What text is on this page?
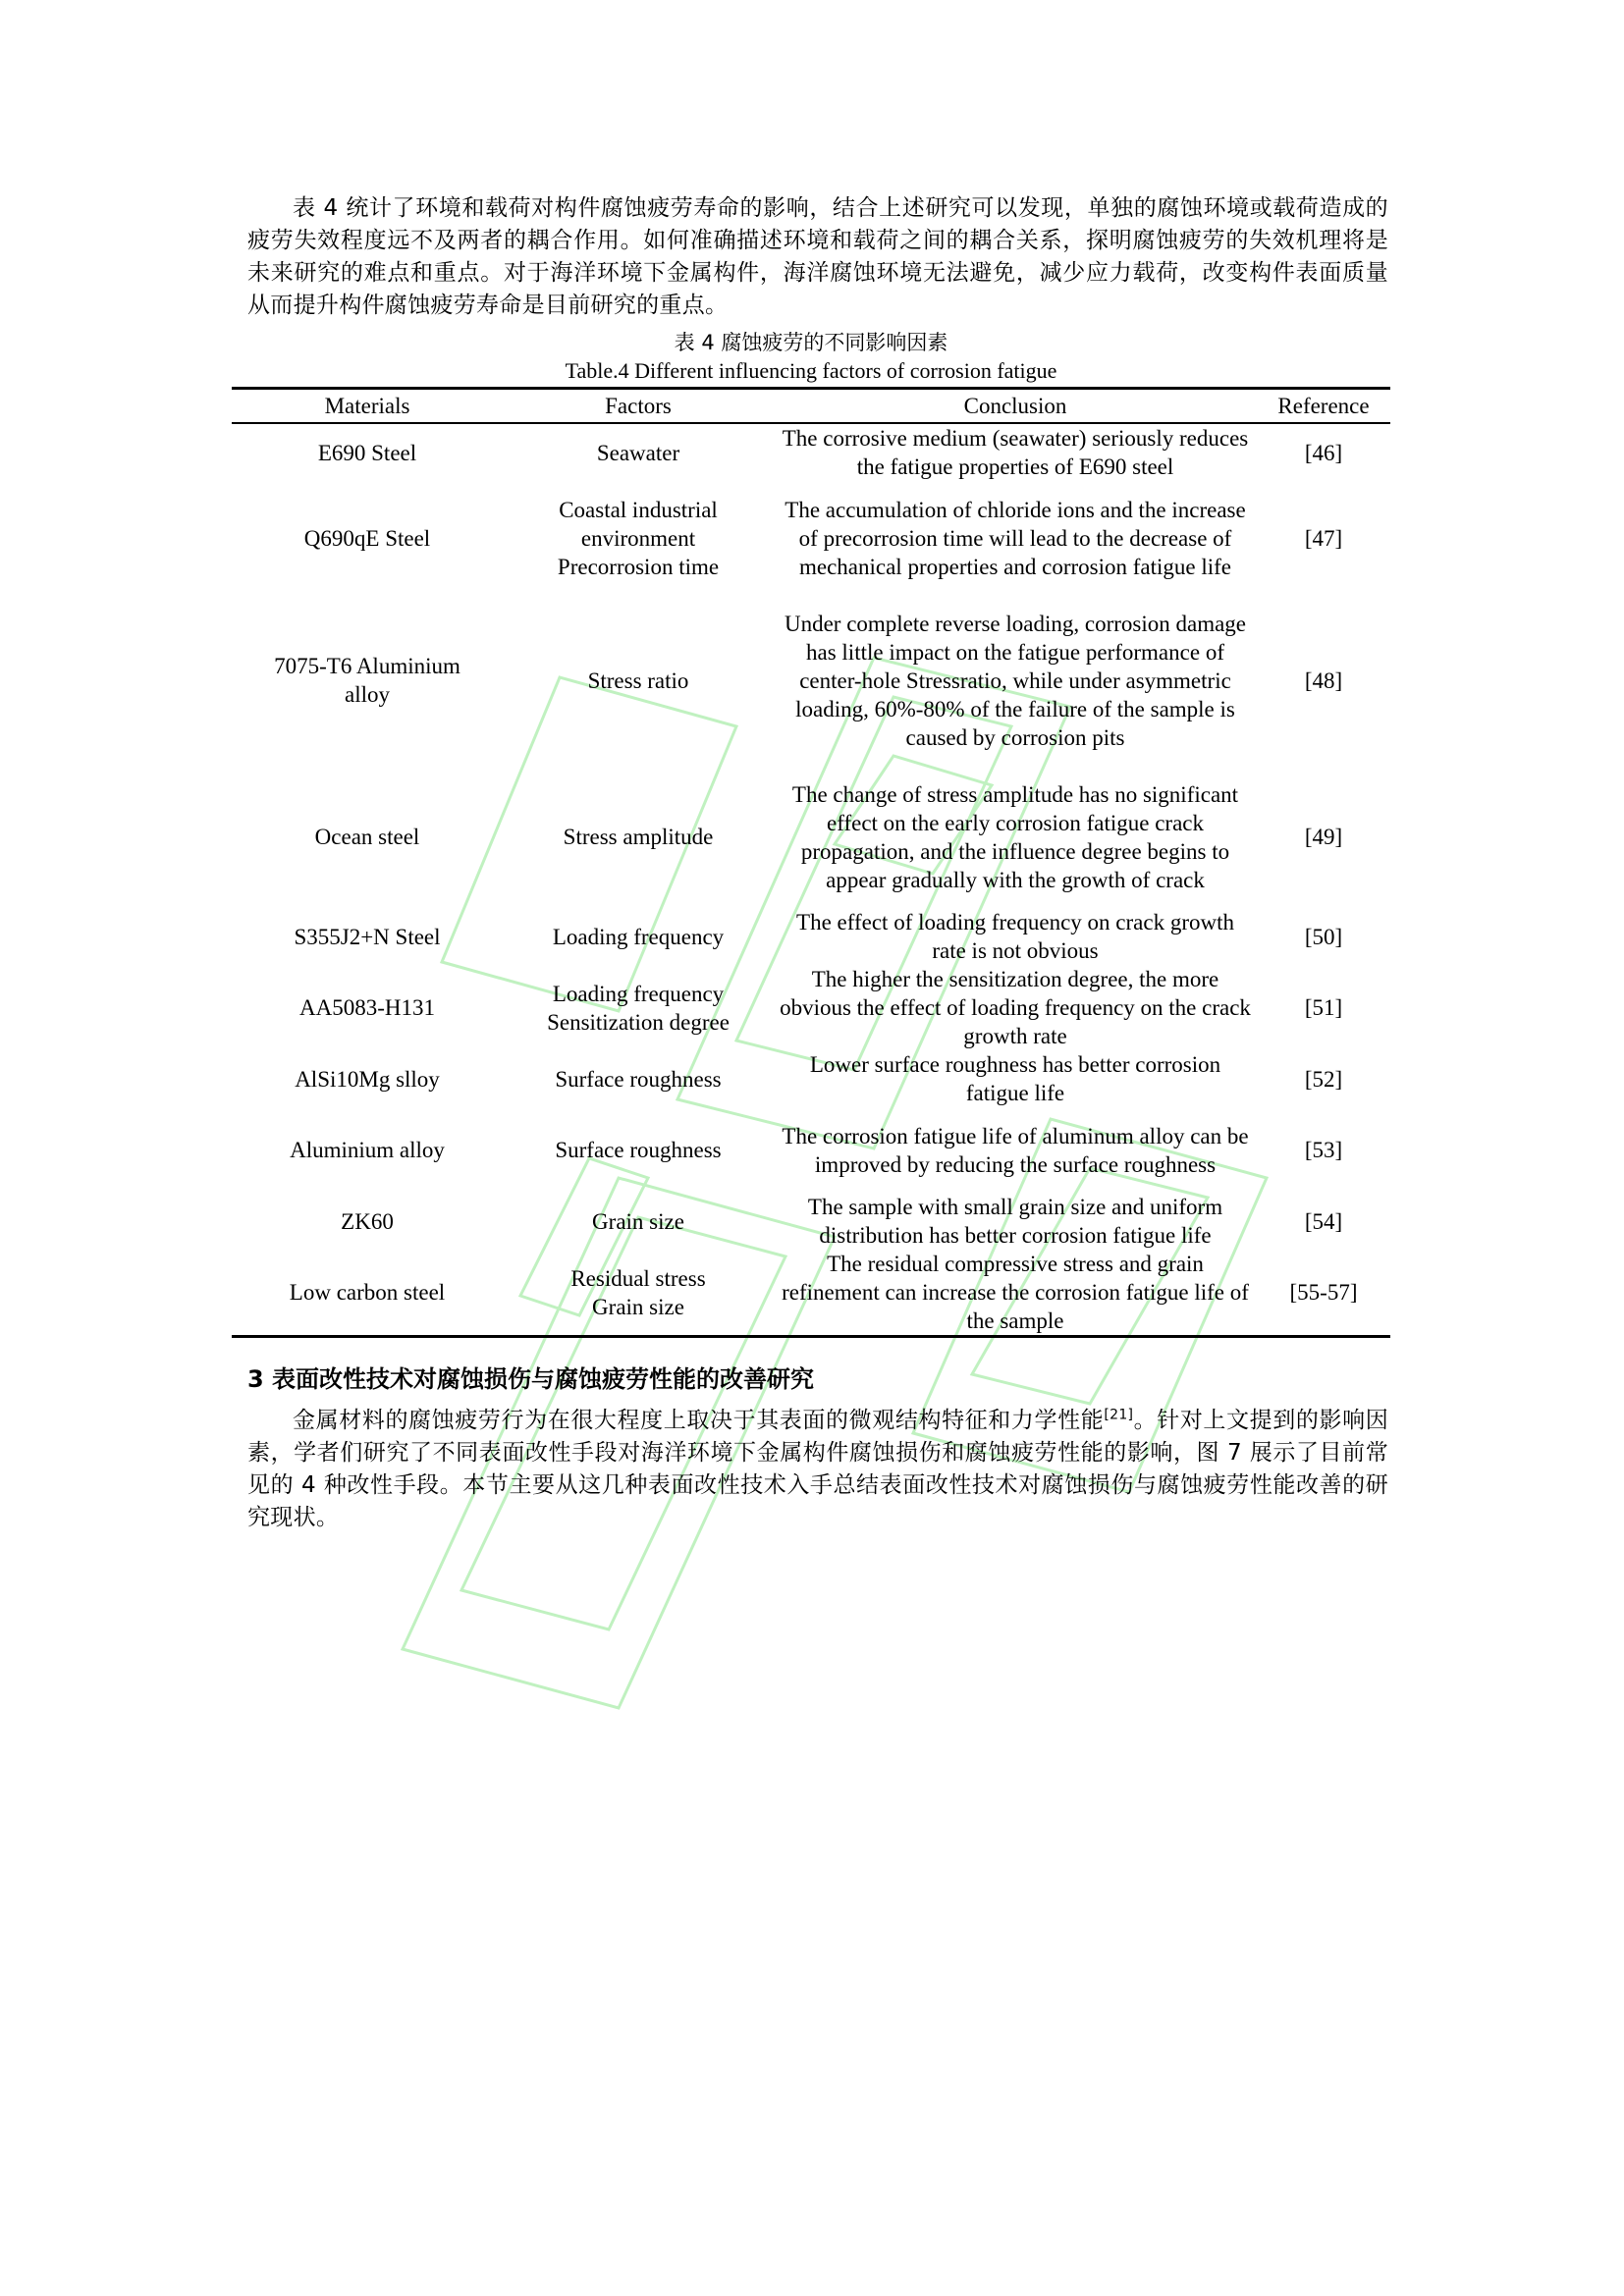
表 4 统计了环境和载荷对构件腐蚀疲劳寿命的影响，结合上述研究可以发现，单独的腐蚀环境或载荷造成的疲劳失效程度远不及两者的耦合作用。如何准确描述环境和载荷之间的耦合关系，探明腐蚀疲劳的失效机理将是未来研究的难点和重点。对于海洋环境下金属构件，海洋腐蚀环境无法避免，减少应力载荷，改变构件表面质量从而提升构件腐蚀疲劳寿命是目前研究的重点。

表 4 腐蚀疲劳的不同影响因素
Table.4 Different influencing factors of corrosion fatigue
Materials	Factors	Conclusion	Reference

E690 Steel	Seawater	The corrosive medium (seawater) seriously reduces the fatigue properties of E690 steel	[46]

Q690qE Steel	Coastal industrial
environment
Precorrosion time	The accumulation of chloride ions and the increase of precorrosion time will lead to the decrease of mechanical properties and corrosion fatigue life	[47]

7075-T6 Aluminium
alloy	Stress ratio	Under complete reverse loading, corrosion damage has little impact on the fatigue performance of center-hole Stressratio, while under asymmetric loading, 60%-80% of the failure of the sample is caused by corrosion pits	[48]

Ocean steel	Stress amplitude	The change of stress amplitude has no significant effect on the early corrosion fatigue crack propagation, and the influence degree begins to appear gradually with the growth of crack	[49]

S355J2+N Steel	Loading frequency	The effect of loading frequency on crack growth rate is not obvious	[50]

AA5083-H131	Loading frequency
Sensitization degree	The higher the sensitization degree, the more obvious the effect of loading frequency on the crack growth rate	[51]

AlSi10Mg slloy	Surface roughness	Lower surface roughness has better corrosion fatigue life	[52]

Aluminium alloy	Surface roughness	The corrosion fatigue life of aluminum alloy can be improved by reducing the surface roughness	[53]

ZK60	Grain size	The sample with small grain size and uniform distribution has better corrosion fatigue life	[54]

Low carbon steel	Residual stress
Grain size	The residual compressive stress and grain refinement can increase the corrosion fatigue life of the sample	[55-57]
3 表面改性技术对腐蚀损伤与腐蚀疲劳性能的改善研究

金属材料的腐蚀疲劳行为在很大程度上取决于其表面的微观结构特征和力学性能[21]。针对上文提到的影响因素，学者们研究了不同表面改性手段对海洋环境下金属构件腐蚀损伤和腐蚀疲劳性能的影响，图 7 展示了目前常见的 4 种改性手段。本节主要从这几种表面改性技术入手总结表面改性技术对腐蚀损伤与腐蚀疲劳性能改善的研究现状。
